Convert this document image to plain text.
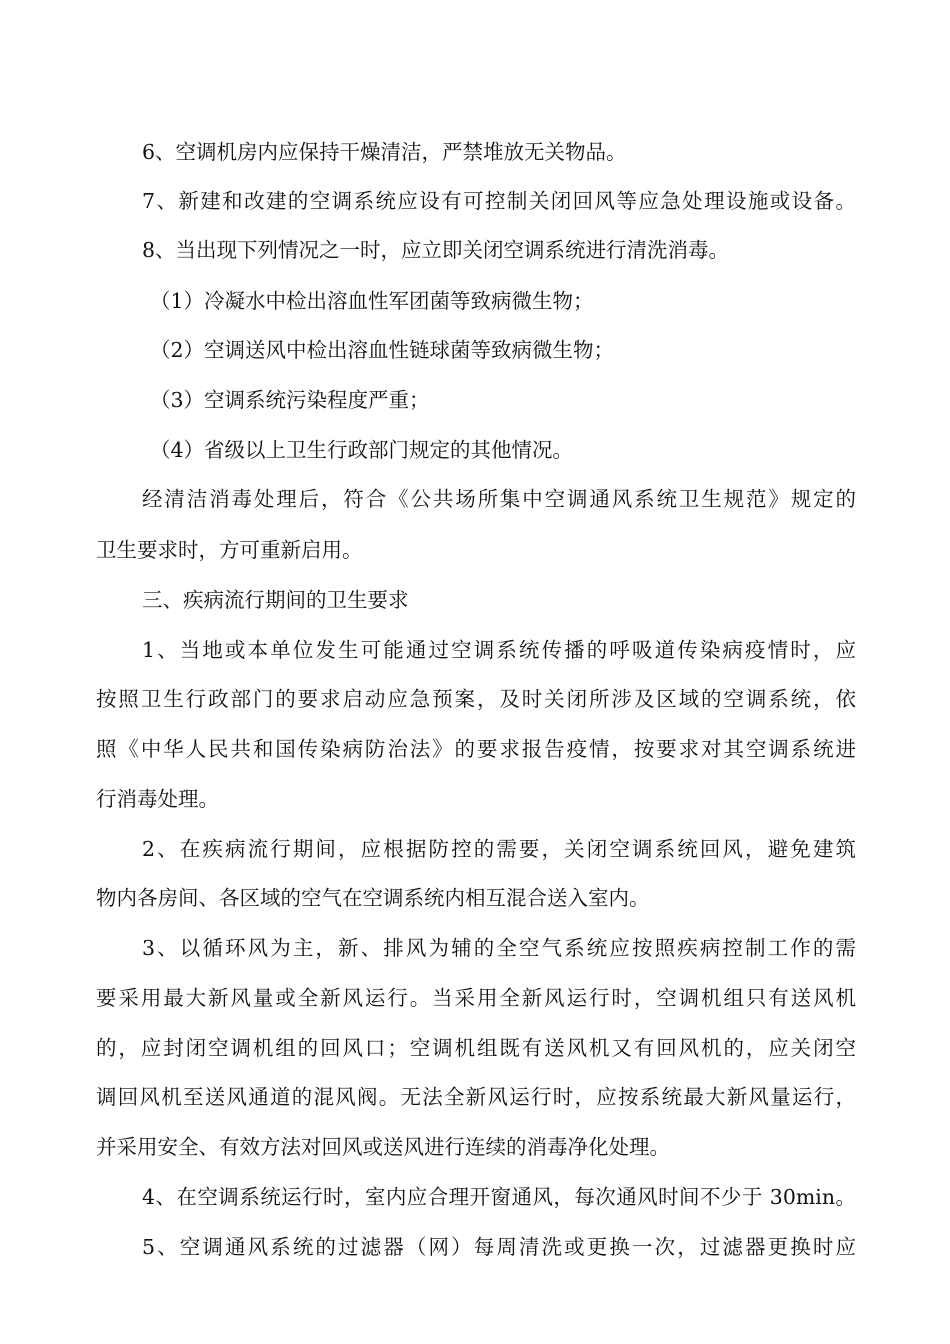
6、空调机房内应保持干燥清洁，严禁堆放无关物品。
7、新建和改建的空调系统应设有可控制关闭回风等应急处理设施或设备。
8、当出现下列情况之一时，应立即关闭空调系统进行清洗消毒。
（1）冷凝水中检出溶血性军团菌等致病微生物；
（2）空调送风中检出溶血性链球菌等致病微生物；
（3）空调系统污染程度严重；
（4）省级以上卫生行政部门规定的其他情况。
经清洁消毒处理后，符合《公共场所集中空调通风系统卫生规范》规定的
卫生要求时，方可重新启用。
三、疾病流行期间的卫生要求
1、当地或本单位发生可能通过空调系统传播的呼吸道传染病疫情时，应
按照卫生行政部门的要求启动应急预案，及时关闭所涉及区域的空调系统，依
照《中华人民共和国传染病防治法》的要求报告疫情，按要求对其空调系统进
行消毒处理。
2、在疾病流行期间，应根据防控的需要，关闭空调系统回风，避免建筑
物内各房间、各区域的空气在空调系统内相互混合送入室内。
3、以循环风为主，新、排风为辅的全空气系统应按照疾病控制工作的需
要采用最大新风量或全新风运行。当采用全新风运行时，空调机组只有送风机
的，应封闭空调机组的回风口；空调机组既有送风机又有回风机的，应关闭空
调回风机至送风通道的混风阀。无法全新风运行时，应按系统最大新风量运行，
并采用安全、有效方法对回风或送风进行连续的消毒净化处理。
4、在空调系统运行时，室内应合理开窗通风，每次通风时间不少于 30min。
5、空调通风系统的过滤器（网）每周清洗或更换一次，过滤器更换时应
